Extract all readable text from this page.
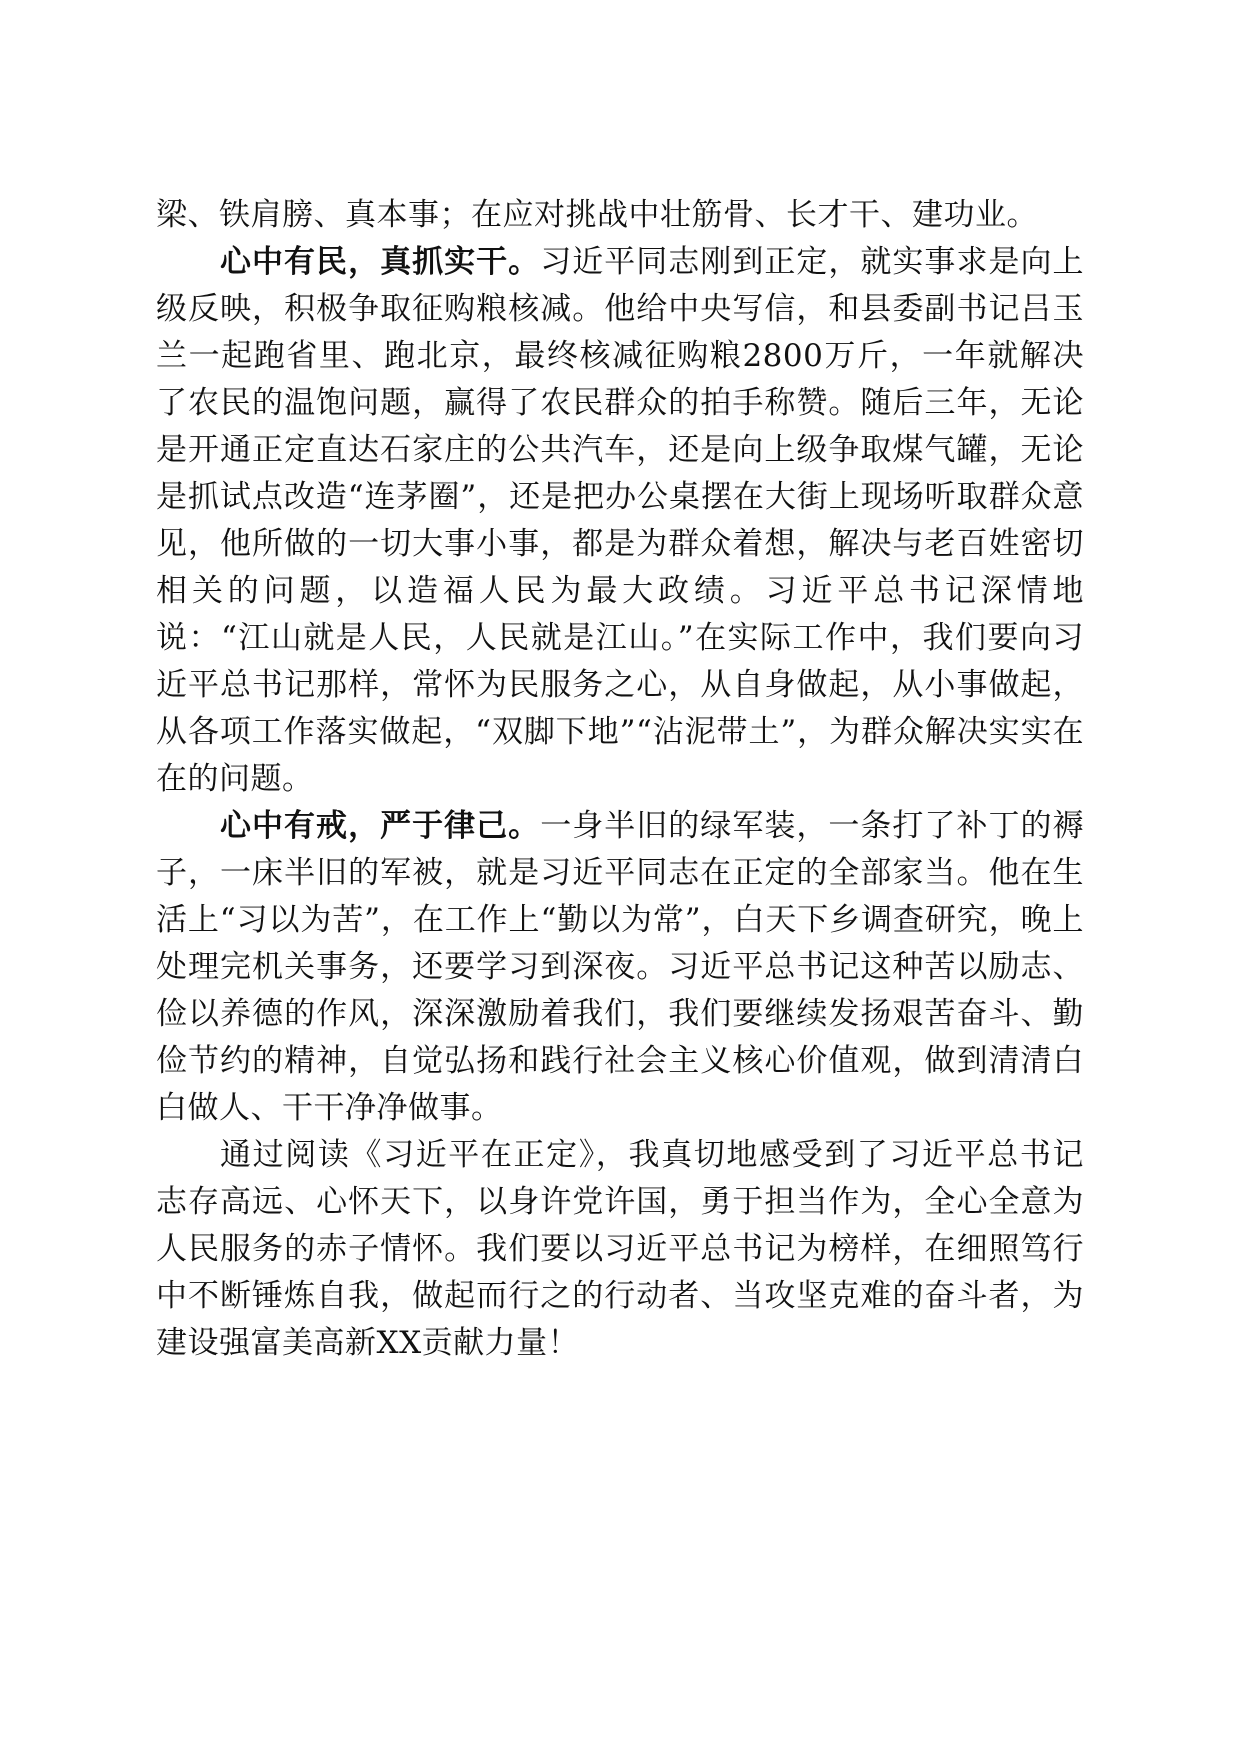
梁、铁肩膀、真本事；在应对挑战中壮筋骨、长才干、建功业。

心中有民，真抓实干。习近平同志刚到正定，就实事求是向上级反映，积极争取征购粮核减。他给中央写信，和县委副书记吕玉兰一起跑省里、跑北京，最终核减征购粮2800万斤，一年就解决了农民的温饱问题，赢得了农民群众的拍手称赞。随后三年，无论是开通正定直达石家庄的公共汽车，还是向上级争取煤气罐，无论是抓试点改造“连茅圈”，还是把办公桌摆在大街上现场听取群众意见，他所做的一切大事小事，都是为群众着想，解决与老百姓密切相关的问题，以造福人民为最大政绩。习近平总书记深情地说：“江山就是人民，人民就是江山。”在实际工作中，我们要向习近平总书记那样，常怀为民服务之心，从自身做起，从小事做起，从各项工作落实做起，“双脚下地”“沾泥带土”，为群众解决实实在在的问题。

心中有戒，严于律己。一身半旧的绿军装，一条打了补丁的褥子，一床半旧的军被，就是习近平同志在正定的全部家当。他在生活上“习以为苦”，在工作上“勤以为常”，白天下乡调查研究，晚上处理完机关事务，还要学习到深夜。习近平总书记这种苦以励志、俭以养德的作风，深深激励着我们，我们要继续发扬艰苦奋斗、勤俭节约的精神，自觉弘扬和践行社会主义核心价值观，做到清清白白做人、干干净净做事。

通过阅读《习近平在正定》，我真切地感受到了习近平总书记志存高远、心怀天下，以身许党许国，勇于担当作为，全心全意为人民服务的赤子情怀。我们要以习近平总书记为榜样，在细照笃行中不断锤炼自我，做起而行之的行动者、当攻坚克难的奋斗者，为建设强富美高新XX贡献力量！
